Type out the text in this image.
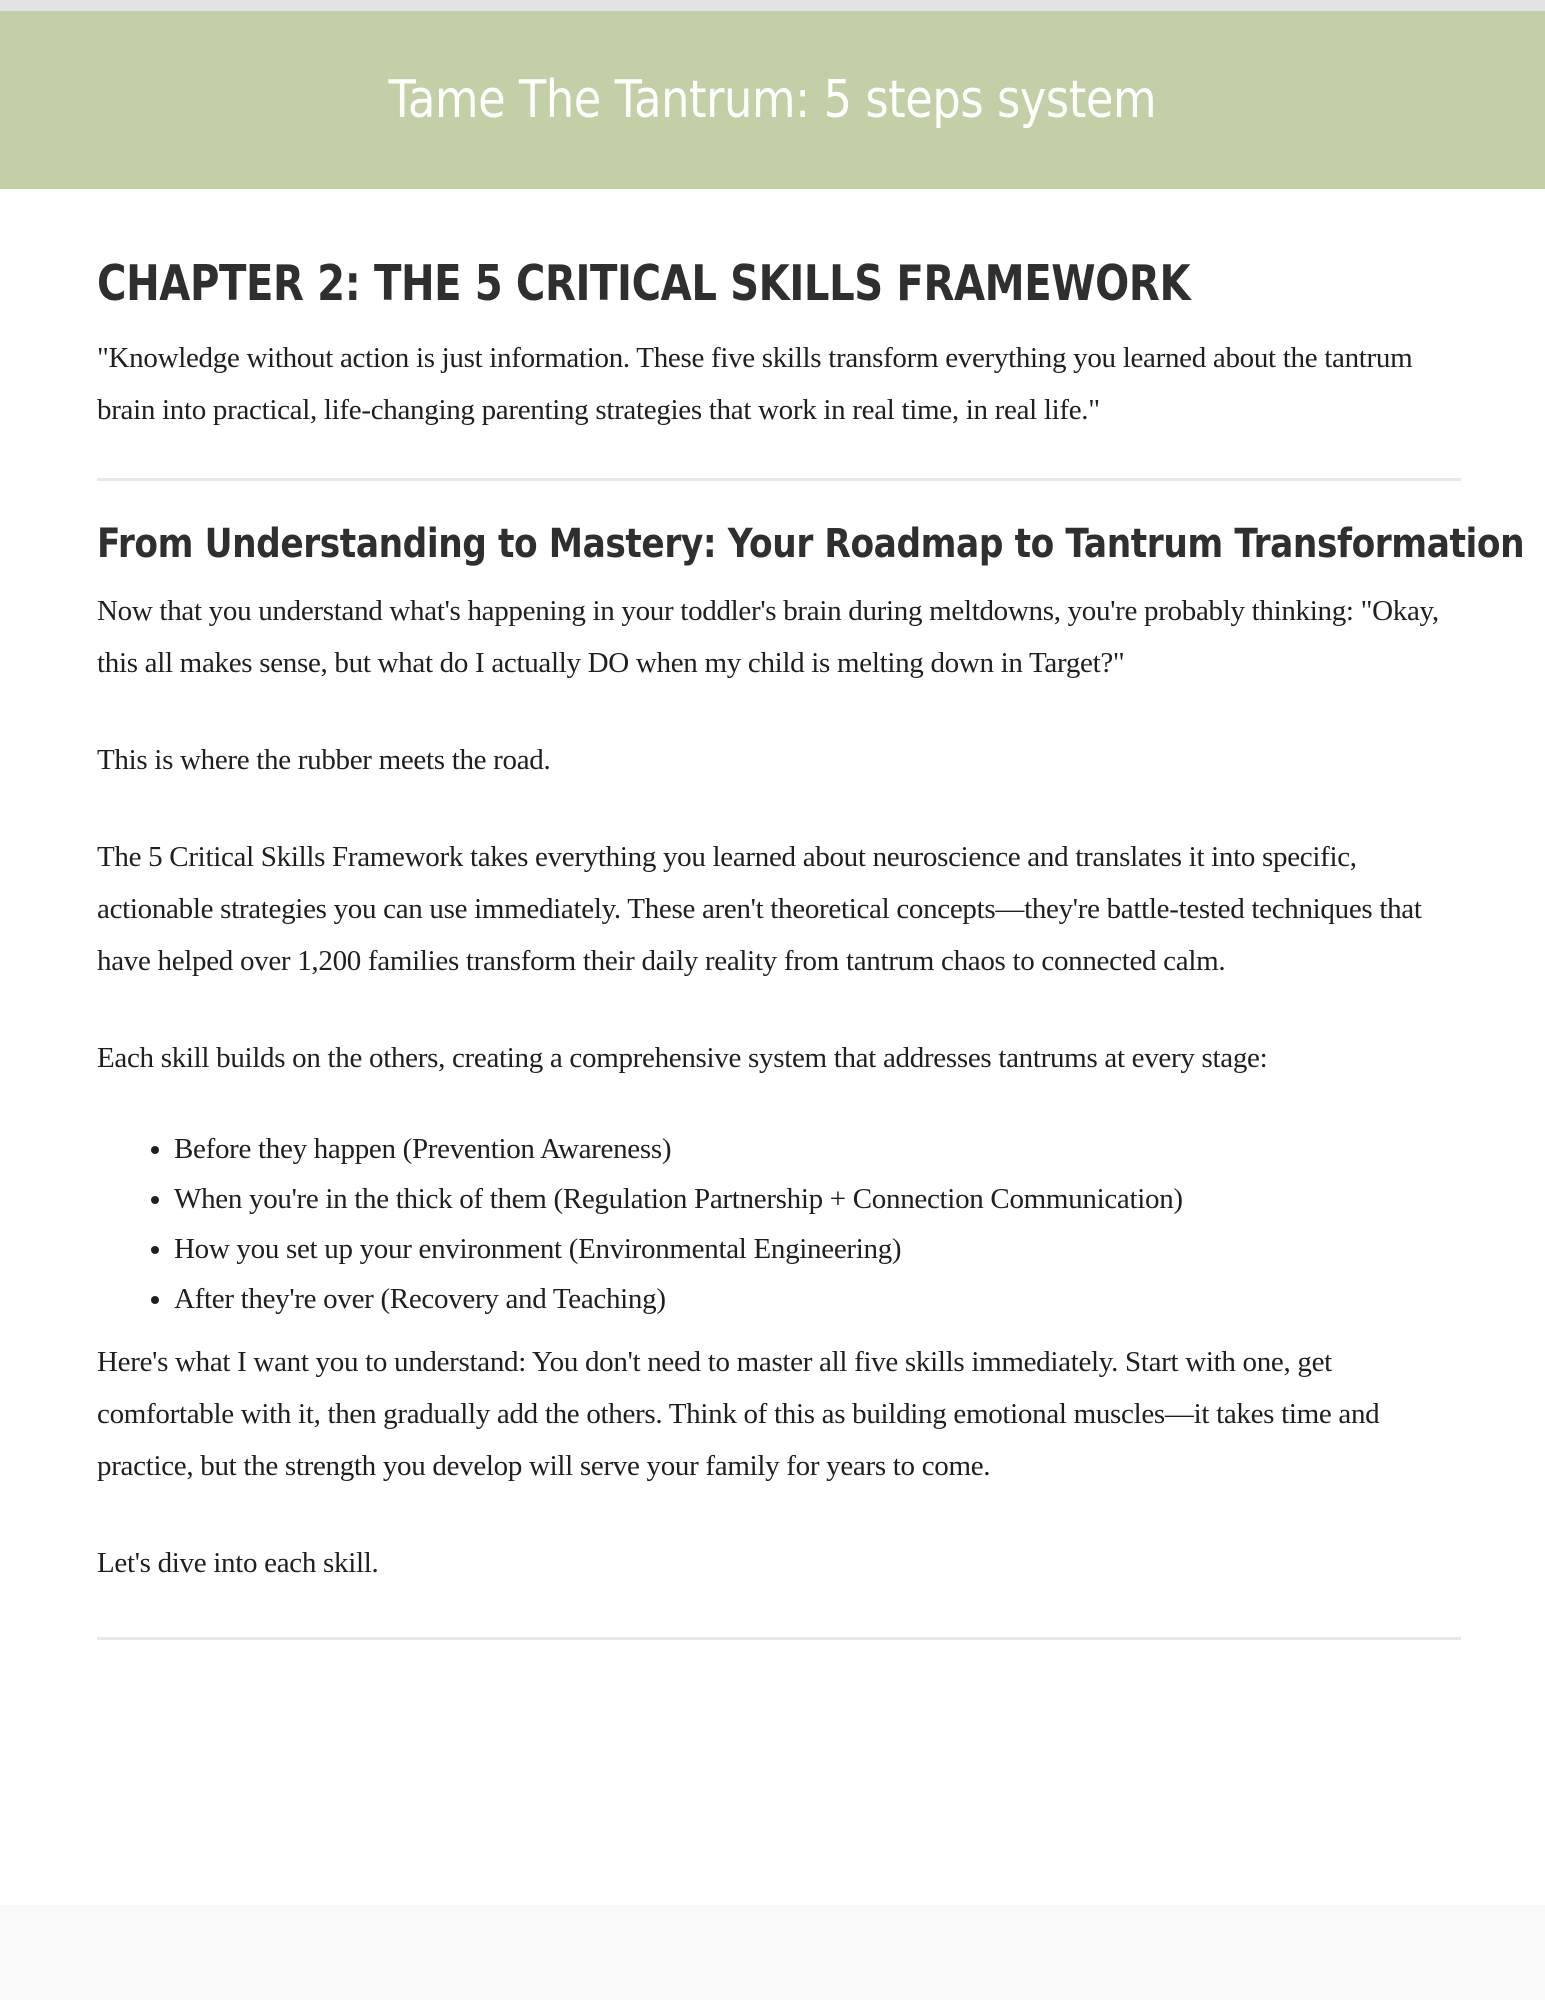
Tame The Tantrum: 5 steps system
CHAPTER 2: THE 5 CRITICAL SKILLS FRAMEWORK

"Knowledge without action is just information. These five skills transform everything you learned about the tantrum brain into practical, life-changing parenting strategies that work in real time, in real life."

From Understanding to Mastery: Your Roadmap to Tantrum Transformation

Now that you understand what's happening in your toddler's brain during meltdowns, you're probably thinking: "Okay, this all makes sense, but what do I actually DO when my child is melting down in Target?"

This is where the rubber meets the road.

The 5 Critical Skills Framework takes everything you learned about neuroscience and translates it into specific, actionable strategies you can use immediately. These aren't theoretical concepts—they're battle-tested techniques that have helped over 1,200 families transform their daily reality from tantrum chaos to connected calm.

Each skill builds on the others, creating a comprehensive system that addresses tantrums at every stage:

• Before they happen (Prevention Awareness)
• When you're in the thick of them (Regulation Partnership + Connection Communication)
• How you set up your environment (Environmental Engineering)
• After they're over (Recovery and Teaching)

Here's what I want you to understand: You don't need to master all five skills immediately. Start with one, get comfortable with it, then gradually add the others. Think of this as building emotional muscles—it takes time and practice, but the strength you develop will serve your family for years to come.

Let's dive into each skill.
